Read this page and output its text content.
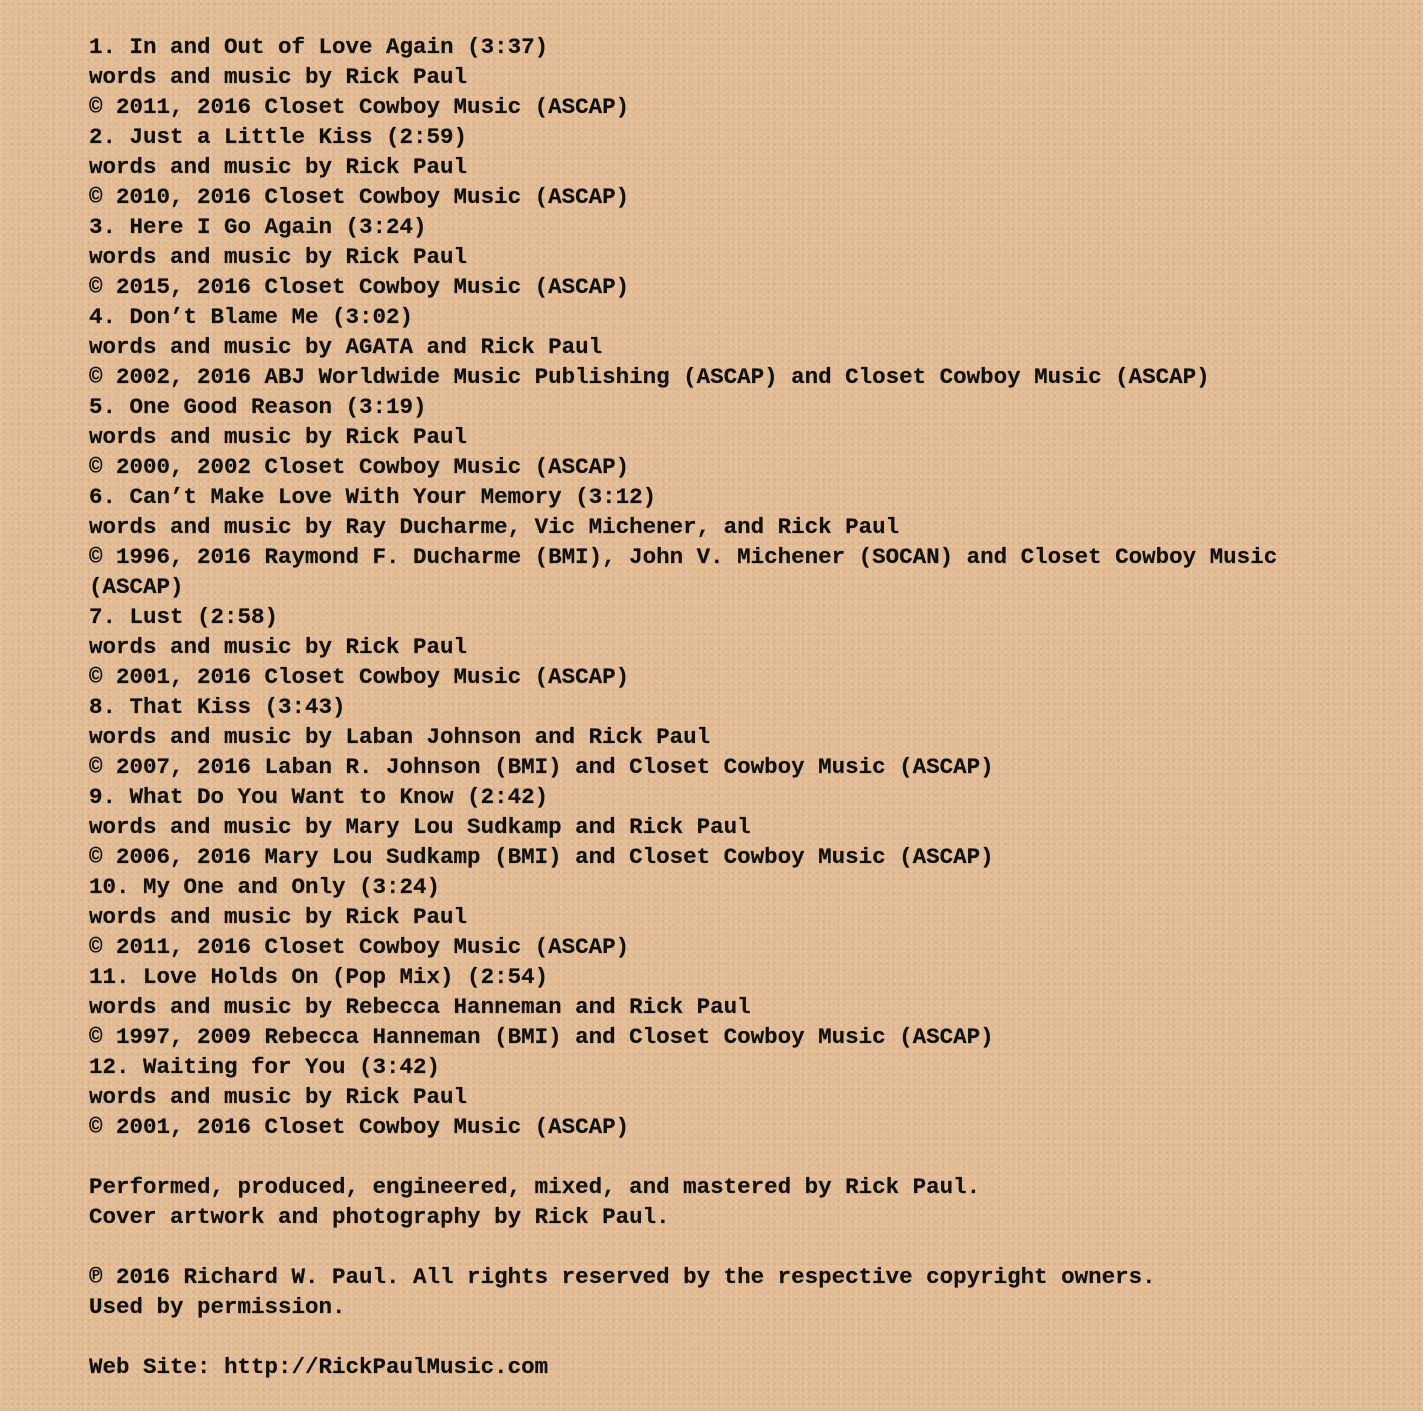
1. In and Out of Love Again (3:37)
words and music by Rick Paul
© 2011, 2016 Closet Cowboy Music (ASCAP)
2. Just a Little Kiss (2:59)
words and music by Rick Paul
© 2010, 2016 Closet Cowboy Music (ASCAP)
3. Here I Go Again (3:24)
words and music by Rick Paul
© 2015, 2016 Closet Cowboy Music (ASCAP)
4. Don’t Blame Me (3:02)
words and music by AGATA and Rick Paul
© 2002, 2016 ABJ Worldwide Music Publishing (ASCAP) and Closet Cowboy Music (ASCAP)
5. One Good Reason (3:19)
words and music by Rick Paul
© 2000, 2002 Closet Cowboy Music (ASCAP)
6. Can’t Make Love With Your Memory (3:12)
words and music by Ray Ducharme, Vic Michener, and Rick Paul
© 1996, 2016 Raymond F. Ducharme (BMI), John V. Michener (SOCAN) and Closet Cowboy Music (ASCAP)
7. Lust (2:58)
words and music by Rick Paul
© 2001, 2016 Closet Cowboy Music (ASCAP)
8. That Kiss (3:43)
words and music by Laban Johnson and Rick Paul
© 2007, 2016 Laban R. Johnson (BMI) and Closet Cowboy Music (ASCAP)
9. What Do You Want to Know (2:42)
words and music by Mary Lou Sudkamp and Rick Paul
© 2006, 2016 Mary Lou Sudkamp (BMI) and Closet Cowboy Music (ASCAP)
10. My One and Only (3:24)
words and music by Rick Paul
© 2011, 2016 Closet Cowboy Music (ASCAP)
11. Love Holds On (Pop Mix) (2:54)
words and music by Rebecca Hanneman and Rick Paul
© 1997, 2009 Rebecca Hanneman (BMI) and Closet Cowboy Music (ASCAP)
12. Waiting for You (3:42)
words and music by Rick Paul
© 2001, 2016 Closet Cowboy Music (ASCAP)
Performed, produced, engineered, mixed, and mastered by Rick Paul.
Cover artwork and photography by Rick Paul.
℗ 2016 Richard W. Paul. All rights reserved by the respective copyright owners.
Used by permission.
Web Site: http://RickPaulMusic.com
